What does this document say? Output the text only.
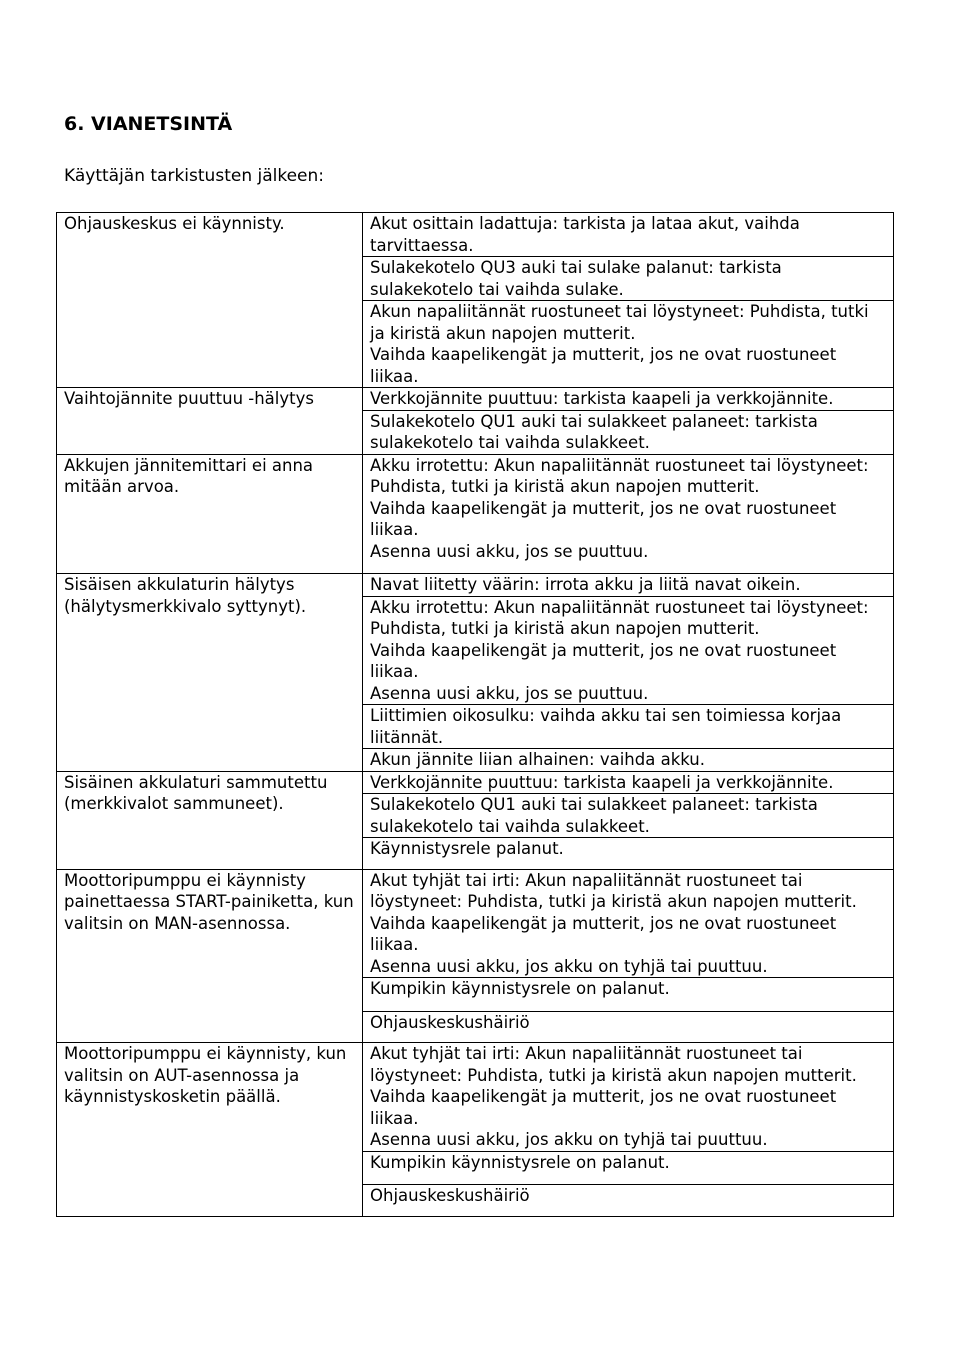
6. VIANETSINTÄ

Käyttäjän tarkistusten jälkeen:

Ohjauskeskus ei käynnisty.	Akut osittain ladattuja: tarkista ja lataa akut, vaihda tarvittaessa.
	Sulakekotelo QU3 auki tai sulake palanut: tarkista sulakekotelo tai vaihda sulake.
	Akun napaliitännät ruostuneet tai löystyneet: Puhdista, tutki ja kiristä akun napojen mutterit.
Vaihda kaapelikengät ja mutterit, jos ne ovat ruostuneet liikaa.
Vaihtojännite puuttuu -hälytys	Verkkojännite puuttuu: tarkista kaapeli ja verkkojännite.
	Sulakekotelo QU1 auki tai sulakkeet palaneet: tarkista sulakekotelo tai vaihda sulakkeet.
Akkujen jännitemittari ei anna mitään arvoa.	Akku irrotettu: Akun napaliitännät ruostuneet tai löystyneet: Puhdista, tutki ja kiristä akun napojen mutterit.
Vaihda kaapelikengät ja mutterit, jos ne ovat ruostuneet liikaa.
Asenna uusi akku, jos se puuttuu.
Sisäisen akkulaturin hälytys (hälytysmerkkivalo syttynyt).	Navat liitetty väärin: irrota akku ja liitä navat oikein.
	Akku irrotettu: Akun napaliitännät ruostuneet tai löystyneet: Puhdista, tutki ja kiristä akun napojen mutterit.
Vaihda kaapelikengät ja mutterit, jos ne ovat ruostuneet liikaa.
Asenna uusi akku, jos se puuttuu.
	Liittimien oikosulku: vaihda akku tai sen toimiessa korjaa liitännät.
	Akun jännite liian alhainen: vaihda akku.
Sisäinen akkulaturi sammutettu (merkkivalot sammuneet).	Verkkojännite puuttuu: tarkista kaapeli ja verkkojännite.
	Sulakekotelo QU1 auki tai sulakkeet palaneet: tarkista sulakekotelo tai vaihda sulakkeet.
	Käynnistysrele palanut.
Moottoripumppu ei käynnisty painettaessa START-painiketta, kun valitsin on MAN-asennossa.	Akut tyhjät tai irti: Akun napaliitännät ruostuneet tai löystyneet: Puhdista, tutki ja kiristä akun napojen mutterit.
Vaihda kaapelikengät ja mutterit, jos ne ovat ruostuneet liikaa.
Asenna uusi akku, jos akku on tyhjä tai puuttuu.
	Kumpikin käynnistysrele on palanut.
	Ohjauskeskushäiriö
Moottoripumppu ei käynnisty, kun valitsin on AUT-asennossa ja käynnistyskosketin päällä.	Akut tyhjät tai irti: Akun napaliitännät ruostuneet tai löystyneet: Puhdista, tutki ja kiristä akun napojen mutterit.
Vaihda kaapelikengät ja mutterit, jos ne ovat ruostuneet liikaa.
Asenna uusi akku, jos akku on tyhjä tai puuttuu.
	Kumpikin käynnistysrele on palanut.
	Ohjauskeskushäiriö
